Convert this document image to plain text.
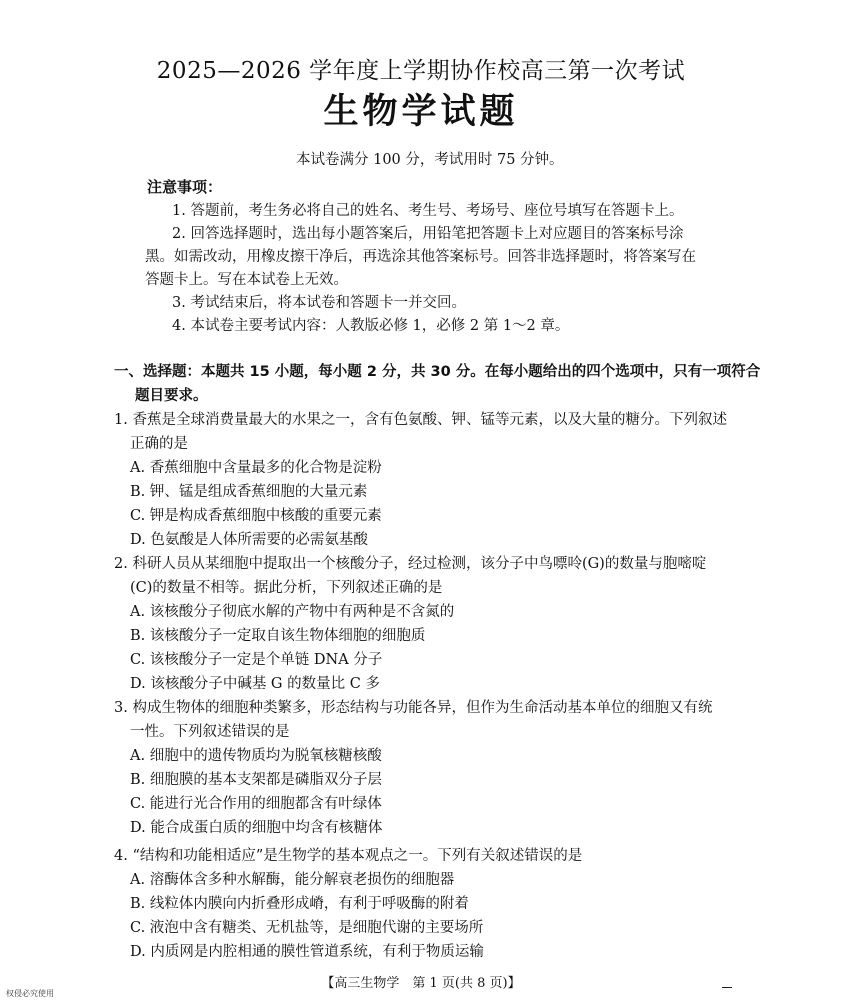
2025—2026 学年度上学期协作校高三第一次考试
生物学试题
本试卷满分 100 分，考试用时 75 分钟。
注意事项：
1. 答题前，考生务必将自己的姓名、考生号、考场号、座位号填写在答题卡上。
2. 回答选择题时，选出每小题答案后，用铅笔把答题卡上对应题目的答案标号涂
黑。如需改动，用橡皮擦干净后，再选涂其他答案标号。回答非选择题时，将答案写在
答题卡上。写在本试卷上无效。
3. 考试结束后，将本试卷和答题卡一并交回。
4. 本试卷主要考试内容：人教版必修 1，必修 2 第 1～2 章。
一、选择题：本题共 15 小题，每小题 2 分，共 30 分。在每小题给出的四个选项中，只有一项符合
题目要求。
1. 香蕉是全球消费量最大的水果之一，含有色氨酸、钾、锰等元素，以及大量的糖分。下列叙述
正确的是
A. 香蕉细胞中含量最多的化合物是淀粉
B. 钾、锰是组成香蕉细胞的大量元素
C. 钾是构成香蕉细胞中核酸的重要元素
D. 色氨酸是人体所需要的必需氨基酸
2. 科研人员从某细胞中提取出一个核酸分子，经过检测，该分子中鸟嘌呤(G)的数量与胞嘧啶
(C)的数量不相等。据此分析，下列叙述正确的是
A. 该核酸分子彻底水解的产物中有两种是不含氮的
B. 该核酸分子一定取自该生物体细胞的细胞质
C. 该核酸分子一定是个单链 DNA 分子
D. 该核酸分子中碱基 G 的数量比 C 多
3. 构成生物体的细胞种类繁多，形态结构与功能各异，但作为生命活动基本单位的细胞又有统
一性。下列叙述错误的是
A. 细胞中的遗传物质均为脱氧核糖核酸
B. 细胞膜的基本支架都是磷脂双分子层
C. 能进行光合作用的细胞都含有叶绿体
D. 能合成蛋白质的细胞中均含有核糖体
4. “结构和功能相适应”是生物学的基本观点之一。下列有关叙述错误的是
A. 溶酶体含多种水解酶，能分解衰老损伤的细胞器
B. 线粒体内膜向内折叠形成嵴，有利于呼吸酶的附着
C. 液泡中含有糖类、无机盐等，是细胞代谢的主要场所
D. 内质网是内腔相通的膜性管道系统，有利于物质运输
【高三生物学　第 1 页(共 8 页)】
权侵必究使用
